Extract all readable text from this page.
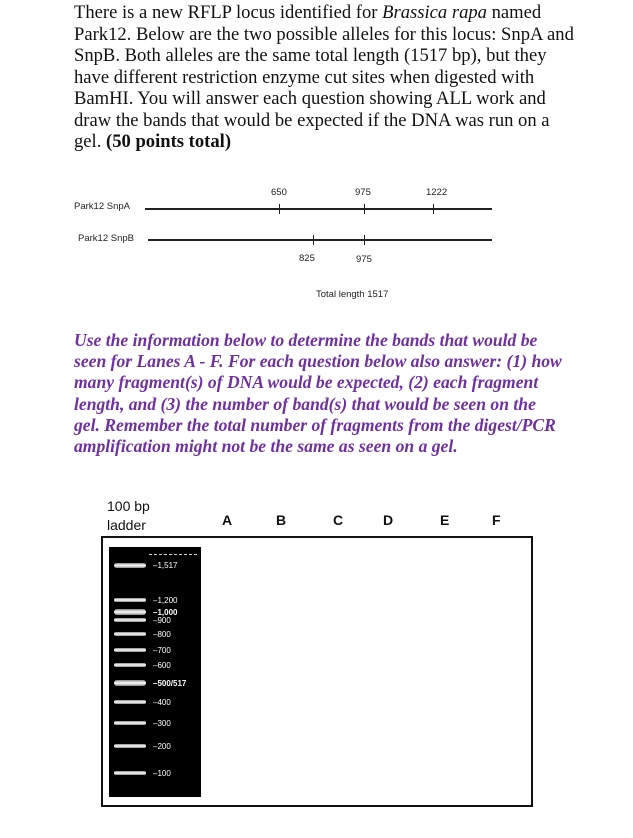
There is a new RFLP locus identified for Brassica rapa named Park12. Below are the two possible alleles for this locus: SnpA and SnpB. Both alleles are the same total length (1517 bp), but they have different restriction enzyme cut sites when digested with BamHI. You will answer each question showing ALL work and draw the bands that would be expected if the DNA was run on a gel. (50 points total)

Park12 SnpA
650	975	1222
Park12 SnpB
825	975
Total length 1517

Use the information below to determine the bands that would be seen for Lanes A - F. For each question below also answer: (1) how many fragment(s) of DNA would be expected, (2) each fragment length, and (3) the number of band(s) that would be seen on the gel. Remember the total number of fragments from the digest/PCR amplification might not be the same as seen on a gel.

100 bp
ladder	A	B	C	D	E	F
–1,517
–1,200
–1,000
–900
–800
–700
–600
–500/517
–400
–300
–200
–100
